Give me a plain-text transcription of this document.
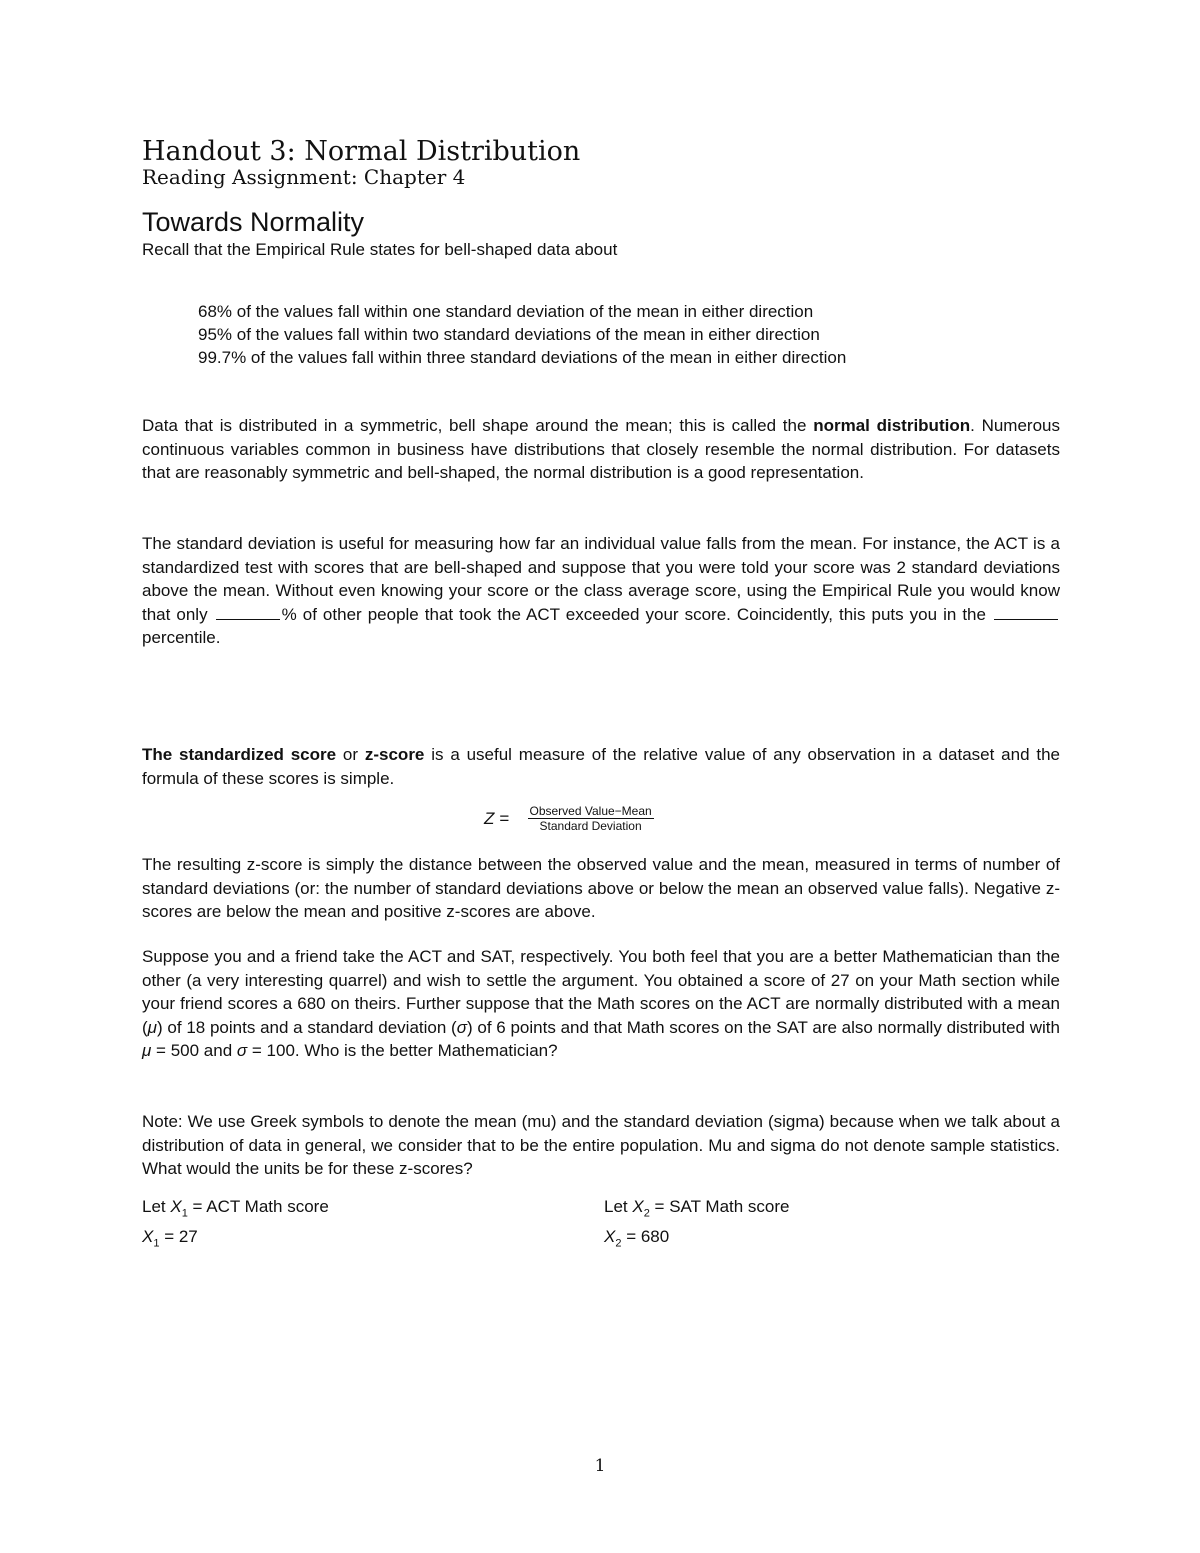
Handout 3: Normal Distribution
Reading Assignment: Chapter 4
Towards Normality
Recall that the Empirical Rule states for bell-shaped data about
68% of the values fall within one standard deviation of the mean in either direction
95% of the values fall within two standard deviations of the mean in either direction
99.7% of the values fall within three standard deviations of the mean in either direction
Data that is distributed in a symmetric, bell shape around the mean; this is called the normal distribution. Numerous continuous variables common in business have distributions that closely resemble the normal distribution. For datasets that are reasonably symmetric and bell-shaped, the normal distribution is a good representation.
The standard deviation is useful for measuring how far an individual value falls from the mean. For instance, the ACT is a standardized test with scores that are bell-shaped and suppose that you were told your score was 2 standard deviations above the mean. Without even knowing your score or the class average score, using the Empirical Rule you would know that only	% of other people that took the ACT exceeded your score. Coincidently, this puts you in the  percentile.
The standardized score or z-score is a useful measure of the relative value of any observation in a dataset and the formula of these scores is simple.
$Z = \frac{\text{Observed Value−Mean}}{\text{Standard Deviation}}$
The resulting z-score is simply the distance between the observed value and the mean, measured in terms of number of standard deviations (or: the number of standard deviations above or below the mean an observed value falls). Negative z-scores are below the mean and positive z-scores are above.
Suppose you and a friend take the ACT and SAT, respectively. You both feel that you are a better Mathematician than the other (a very interesting quarrel) and wish to settle the argument. You obtained a score of 27 on your Math section while your friend scores a 680 on theirs. Further suppose that the Math scores on the ACT are normally distributed with a mean (μ) of 18 points and a standard deviation (σ) of 6 points and that Math scores on the SAT are also normally distributed with μ = 500 and σ = 100. Who is the better Mathematician?
Note: We use Greek symbols to denote the mean (mu) and the standard deviation (sigma) because when we talk about a distribution of data in general, we consider that to be the entire population. Mu and sigma do not denote sample statistics. What would the units be for these z-scores?
Let $X_1$ = ACT Math score
$X_1 = 27$
Let $X_2$ = SAT Math score
$X_2 = 680$
1
